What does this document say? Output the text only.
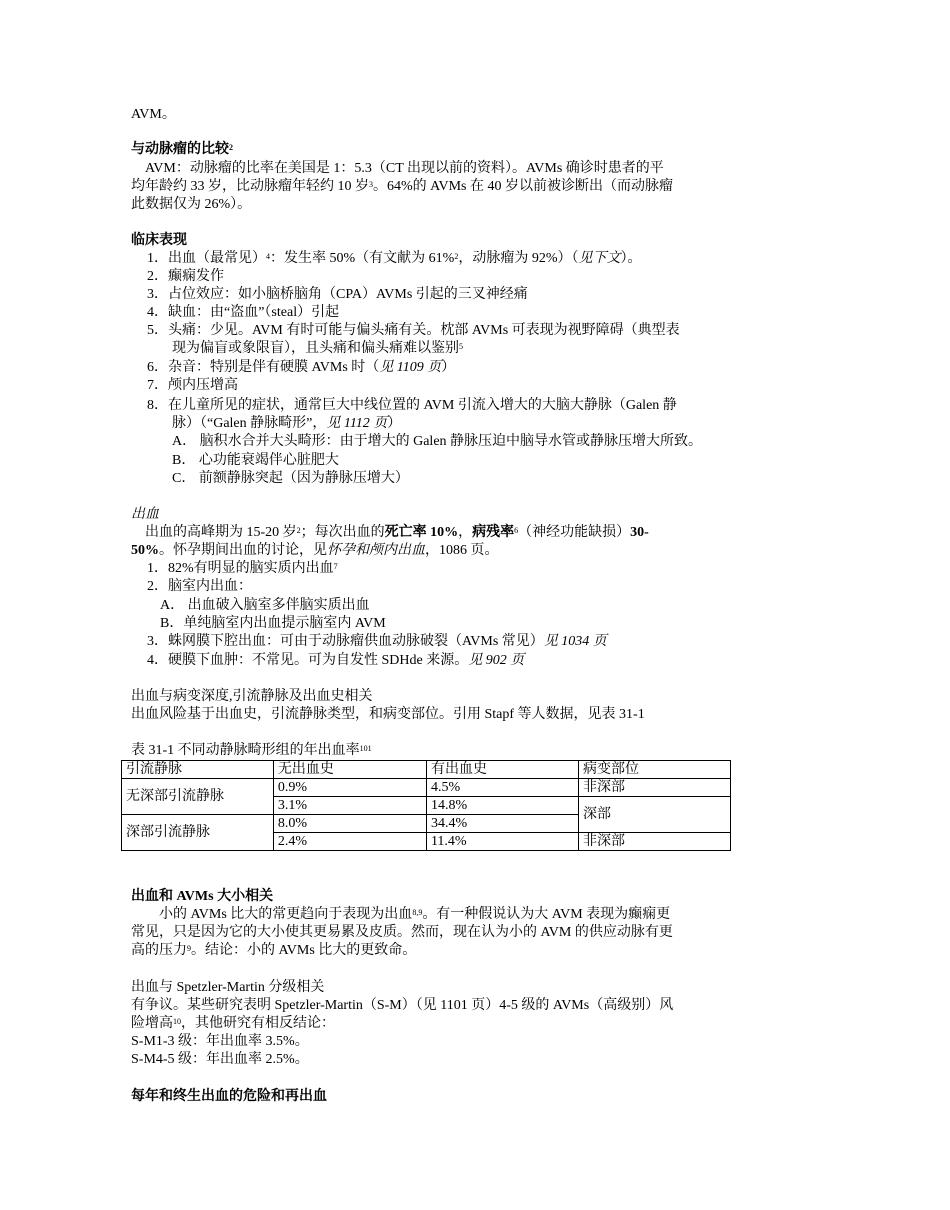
AVM。
与动脉瘤的比较$^2$
AVM：动脉瘤的比率在美国是 1：5.3（CT 出现以前的资料）。AVMs 确诊时患者的平
均年龄约 33 岁，比动脉瘤年轻约 10 岁$^3$。64%的 AVMs 在 40 岁以前被诊断出（而动脉瘤
此数据仅为 26%）。
临床表现
1．出血（最常见）$^4$：发生率 50%（有文献为 61%$^2$，动脉瘤为 92%）（见下文）。
2．癫痫发作
3．占位效应：如小脑桥脑角（CPA）AVMs 引起的三叉神经痛
4．缺血：由“盗血”（steal）引起
5．头痛：少见。AVM 有时可能与偏头痛有关。枕部 AVMs 可表现为视野障碍（典型表
现为偏盲或象限盲），且头痛和偏头痛难以鉴别$^5$
6．杂音：特别是伴有硬膜 AVMs 时（见 1109 页）
7．颅内压增高
8．在儿童所见的症状，通常巨大中线位置的 AVM 引流入增大的大脑大静脉（Galen 静
脉）（“Galen 静脉畸形”，见 1112 页）
A． 脑积水合并大头畸形：由于增大的 Galen 静脉压迫中脑导水管或静脉压增大所致。
B． 心功能衰竭伴心脏肥大
C． 前额静脉突起（因为静脉压增大）
出血
出血的高峰期为 15-20 岁$^2$；每次出血的死亡率 10%，病残率$^6$（神经功能缺损）30-
50%。怀孕期间出血的讨论，见怀孕和颅内出血，1086 页。
1．82%有明显的脑实质内出血$^7$
2．脑室内出血：
A． 出血破入脑室多伴脑实质出血
B．单纯脑室内出血提示脑室内 AVM
3．蛛网膜下腔出血：可由于动脉瘤供血动脉破裂（AVMs 常见）见 1034 页
4．硬膜下血肿：不常见。可为自发性 SDHde 来源。见 902 页
出血与病变深度,引流静脉及出血史相关
出血风险基于出血史，引流静脉类型，和病变部位。引用 Stapf 等人数据，见表 31-1
表 31-1 不同动静脉畸形组的年出血率$^{101}$
引流静脉	无出血史	有出血史	病变部位
无深部引流静脉	0.9%	4.5%	非深部
	3.1%	14.8%	深部
深部引流静脉	8.0%	34.4%	
	2.4%	11.4%	非深部
出血和 AVMs 大小相关
小的 AVMs 比大的常更趋向于表现为出血$^{8,9}$。有一种假说认为大 AVM 表现为癫痫更
常见，只是因为它的大小使其更易累及皮质。然而，现在认为小的 AVM 的供应动脉有更
高的压力$^9$。结论：小的 AVMs 比大的更致命。
出血与 Spetzler-Martin 分级相关
有争议。某些研究表明 Spetzler-Martin（S-M）（见 1101 页）4-5 级的 AVMs（高级别）风
险增高$^{10}$，其他研究有相反结论：
S-M1-3 级：年出血率 3.5%。
S-M4-5 级：年出血率 2.5%。
每年和终生出血的危险和再出血
